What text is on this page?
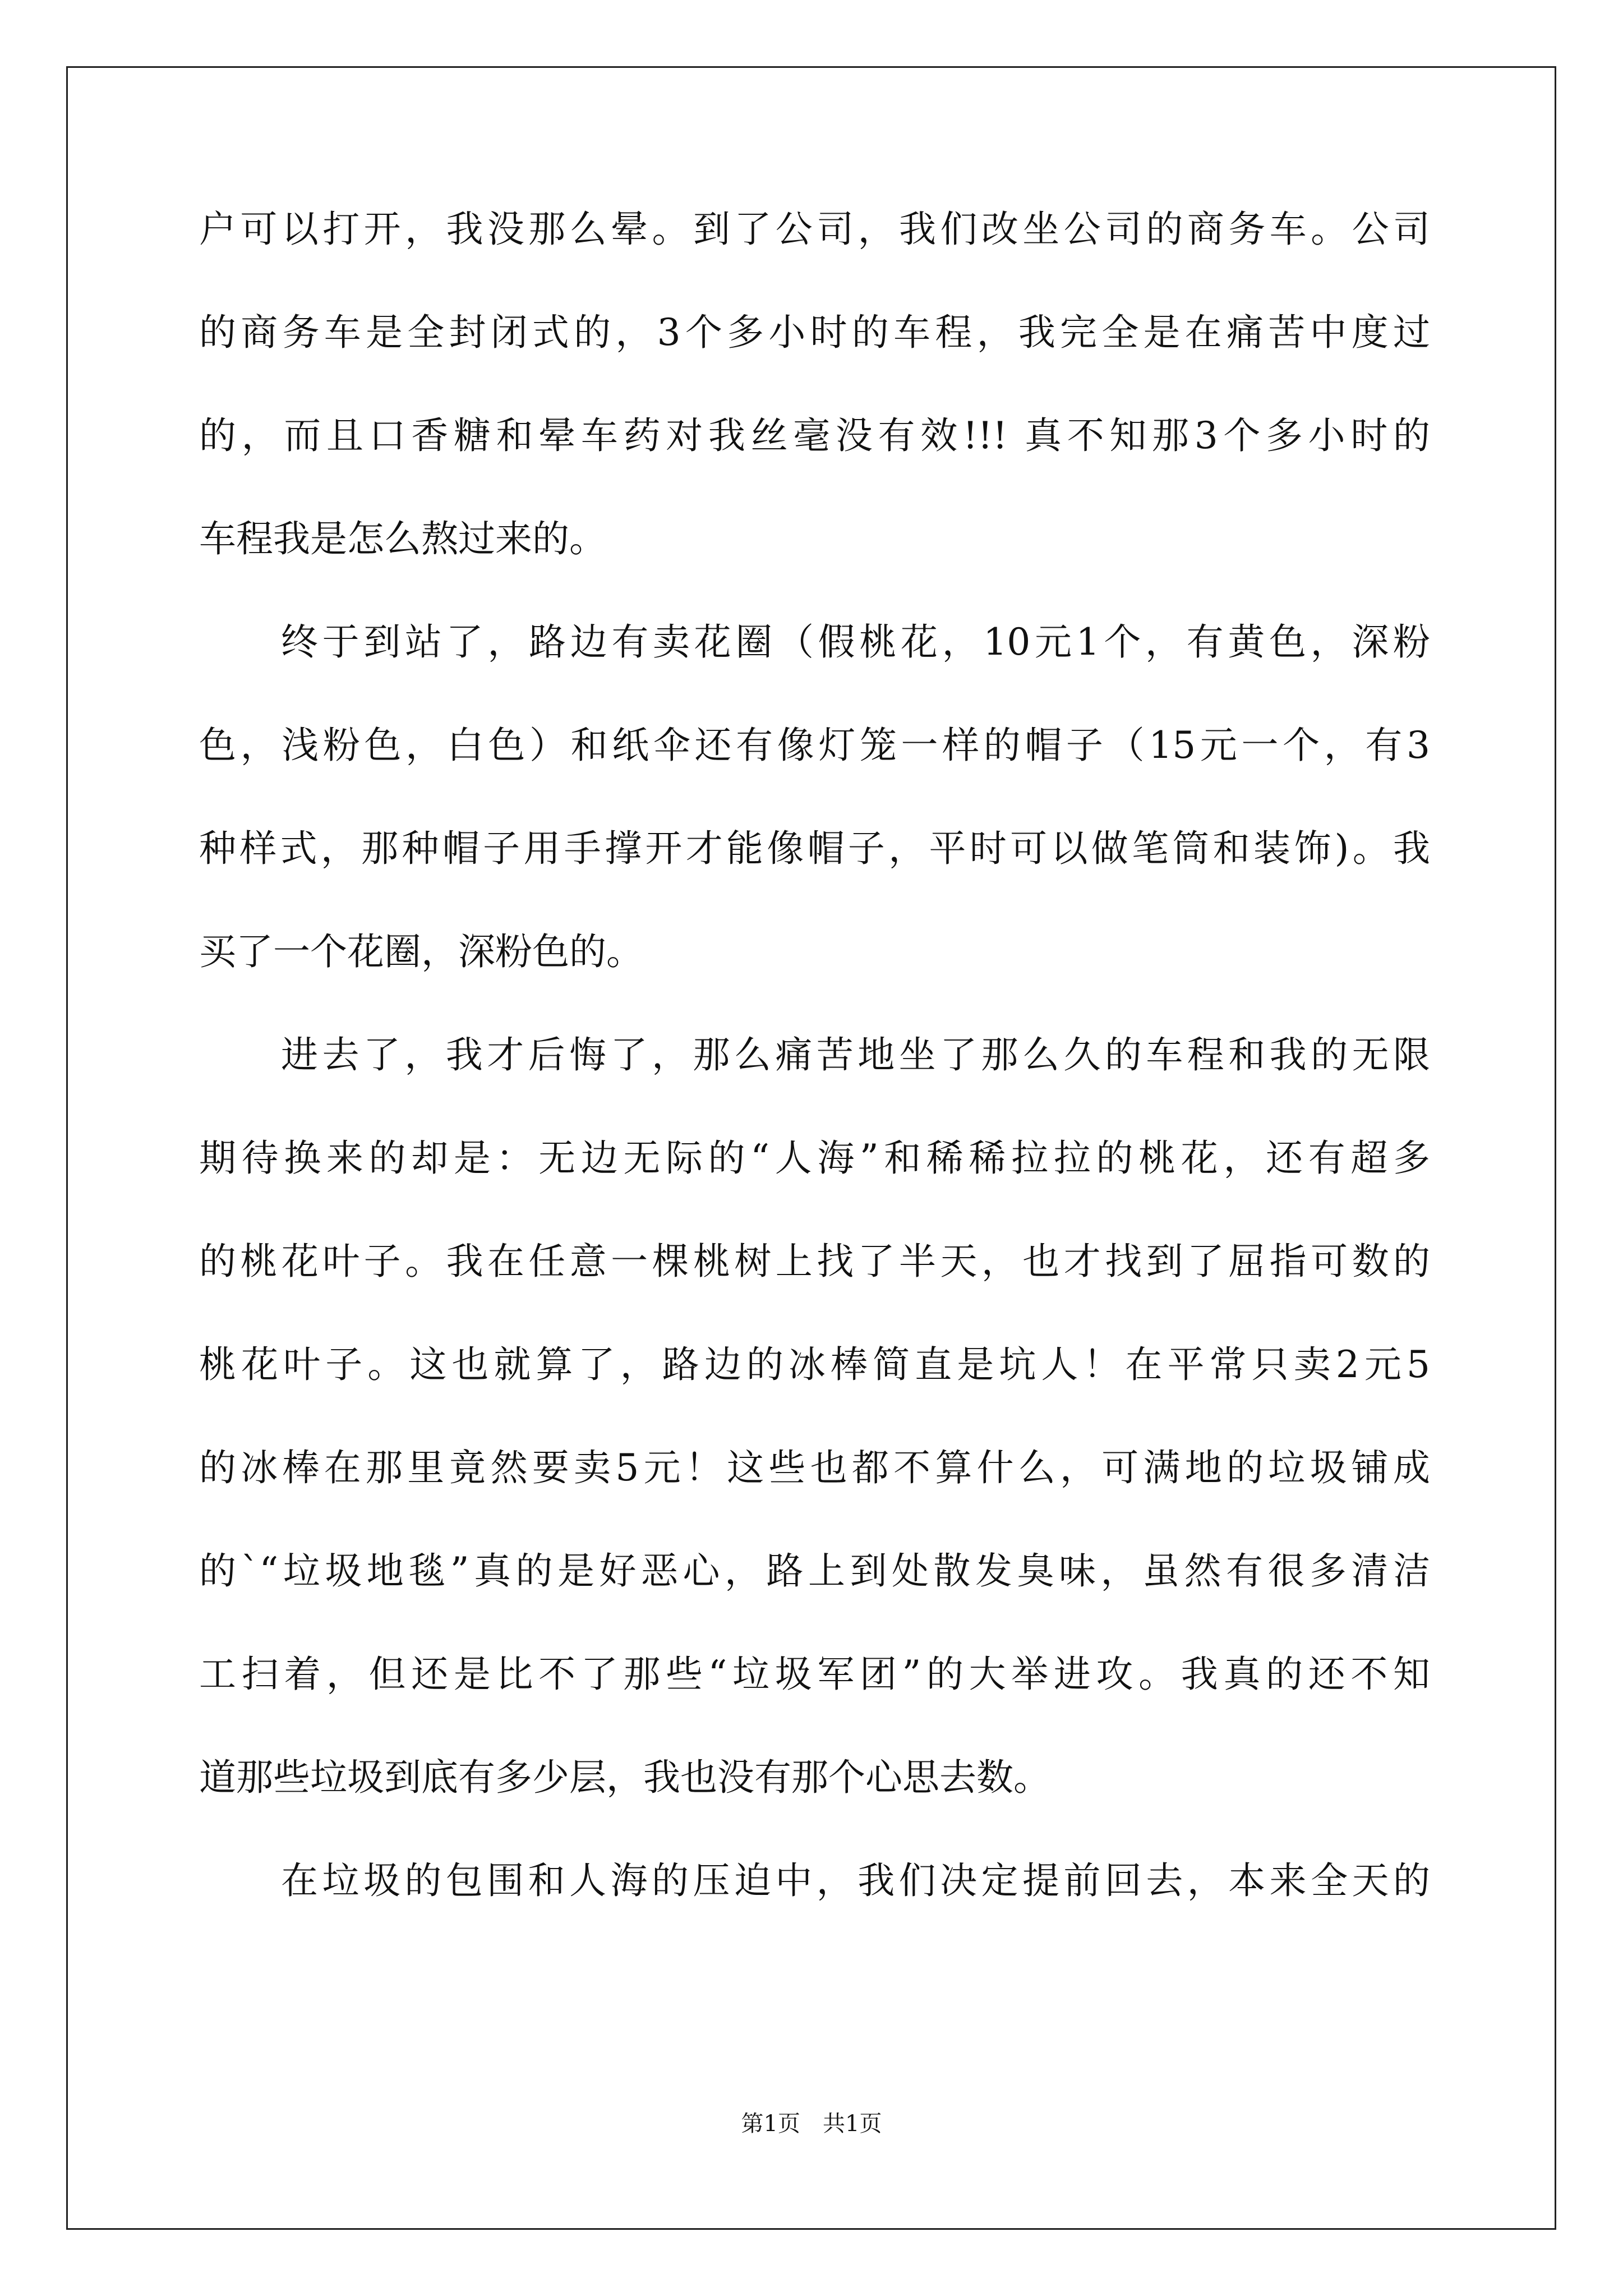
户可以打开，我没那么晕。到了公司，我们改坐公司的商务车。公司
的商务车是全封闭式的，3个多小时的车程，我完全是在痛苦中度过
的，而且口香糖和晕车药对我丝毫没有效!!! 真不知那3个多小时的
车程我是怎么熬过来的。
终于到站了，路边有卖花圈（假桃花，10元1个，有黄色，深粉
色，浅粉色，白色）和纸伞还有像灯笼一样的帽子（15元一个，有3
种样式，那种帽子用手撑开才能像帽子，平时可以做笔筒和装饰)。我
买了一个花圈，深粉色的。
进去了，我才后悔了，那么痛苦地坐了那么久的车程和我的无限
期待换来的却是：无边无际的“人海”和稀稀拉拉的桃花，还有超多
的桃花叶子。我在任意一棵桃树上找了半天，也才找到了屈指可数的
桃花叶子。这也就算了，路边的冰棒简直是坑人！在平常只卖2元5
的冰棒在那里竟然要卖5元！这些也都不算什么，可满地的垃圾铺成
的`“垃圾地毯”真的是好恶心，路上到处散发臭味，虽然有很多清洁
工扫着，但还是比不了那些“垃圾军团”的大举进攻。我真的还不知
道那些垃圾到底有多少层，我也没有那个心思去数。
在垃圾的包围和人海的压迫中，我们决定提前回去，本来全天的
第1页　共1页
